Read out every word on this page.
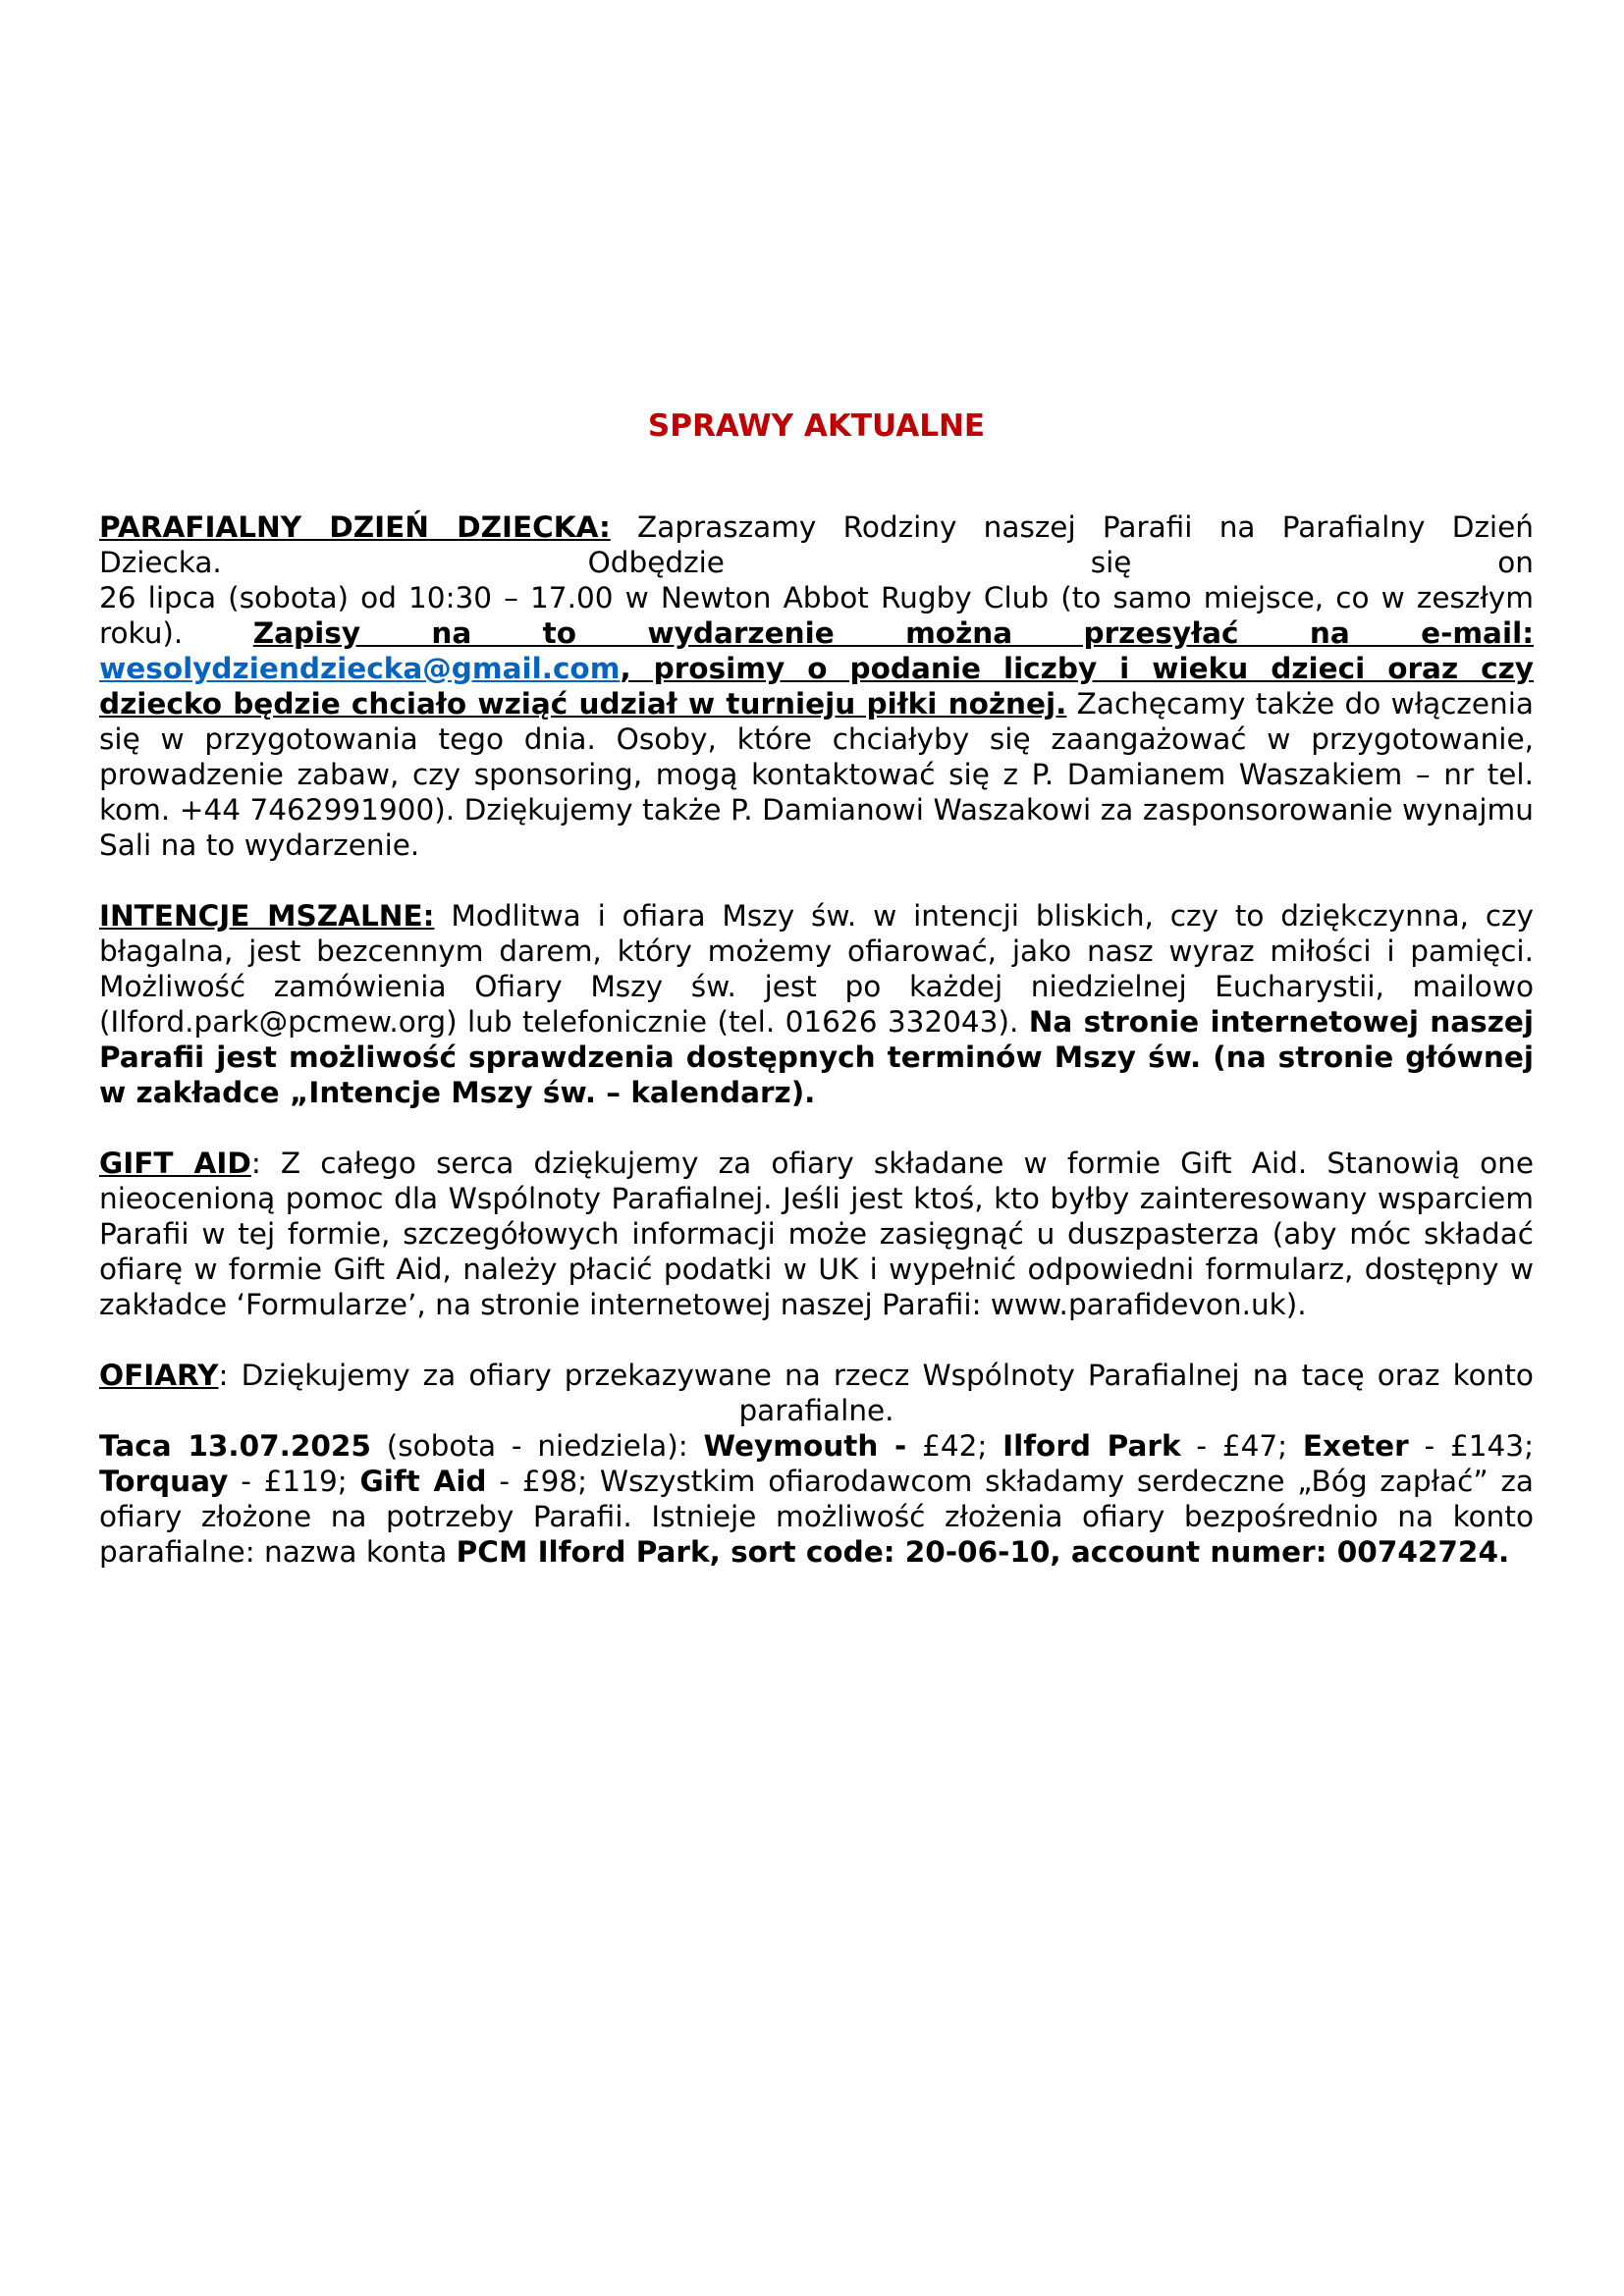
SPRAWY AKTUALNE

PARAFIALNY DZIEŃ DZIECKA: Zapraszamy Rodziny naszej Parafii na Parafialny Dzień
Dziecka. Odbędzie się on
26 lipca (sobota) od 10:30 – 17.00 w Newton Abbot Rugby Club (to samo miejsce, co w zeszłym roku). Zapisy na to wydarzenie można przesyłać na e-mail: wesolydziendziecka@gmail.com, prosimy o podanie liczby i wieku dzieci oraz czy dziecko będzie chciało wziąć udział w turnieju piłki nożnej. Zachęcamy także do włączenia się w przygotowania tego dnia. Osoby, które chciałyby się zaangażować w przygotowanie, prowadzenie zabaw, czy sponsoring, mogą kontaktować się z P. Damianem Waszakiem – nr tel. kom. +44 7462991900). Dziękujemy także P. Damianowi Waszakowi za zasponsorowanie wynajmu Sali na to wydarzenie.

INTENCJE MSZALNE: Modlitwa i ofiara Mszy św. w intencji bliskich, czy to dziękczynna, czy błagalna, jest bezcennym darem, który możemy ofiarować, jako nasz wyraz miłości i pamięci. Możliwość zamówienia Ofiary Mszy św. jest po każdej niedzielnej Eucharystii, mailowo (Ilford.park@pcmew.org) lub telefonicznie (tel. 01626 332043). Na stronie internetowej naszej Parafii jest możliwość sprawdzenia dostępnych terminów Mszy św. (na stronie głównej w zakładce „Intencje Mszy św. – kalendarz).

GIFT AID: Z całego serca dziękujemy za ofiary składane w formie Gift Aid. Stanowią one nieocenioną pomoc dla Wspólnoty Parafialnej. Jeśli jest ktoś, kto byłby zainteresowany wsparciem Parafii w tej formie, szczegółowych informacji może zasięgnąć u duszpasterza (aby móc składać ofiarę w formie Gift Aid, należy płacić podatki w UK i wypełnić odpowiedni formularz, dostępny w zakładce ‘Formularze’, na stronie internetowej naszej Parafii: www.parafidevon.uk).

OFIARY: Dziękujemy za ofiary przekazywane na rzecz Wspólnoty Parafialnej na tacę oraz konto
parafialne.
Taca 13.07.2025 (sobota - niedziela): Weymouth - £42; Ilford Park - £47; Exeter - £143; Torquay - £119; Gift Aid - £98; Wszystkim ofiarodawcom składamy serdeczne „Bóg zapłać” za ofiary złożone na potrzeby Parafii. Istnieje możliwość złożenia ofiary bezpośrednio na konto parafialne: nazwa konta PCM Ilford Park, sort code: 20-06-10, account numer: 00742724.
